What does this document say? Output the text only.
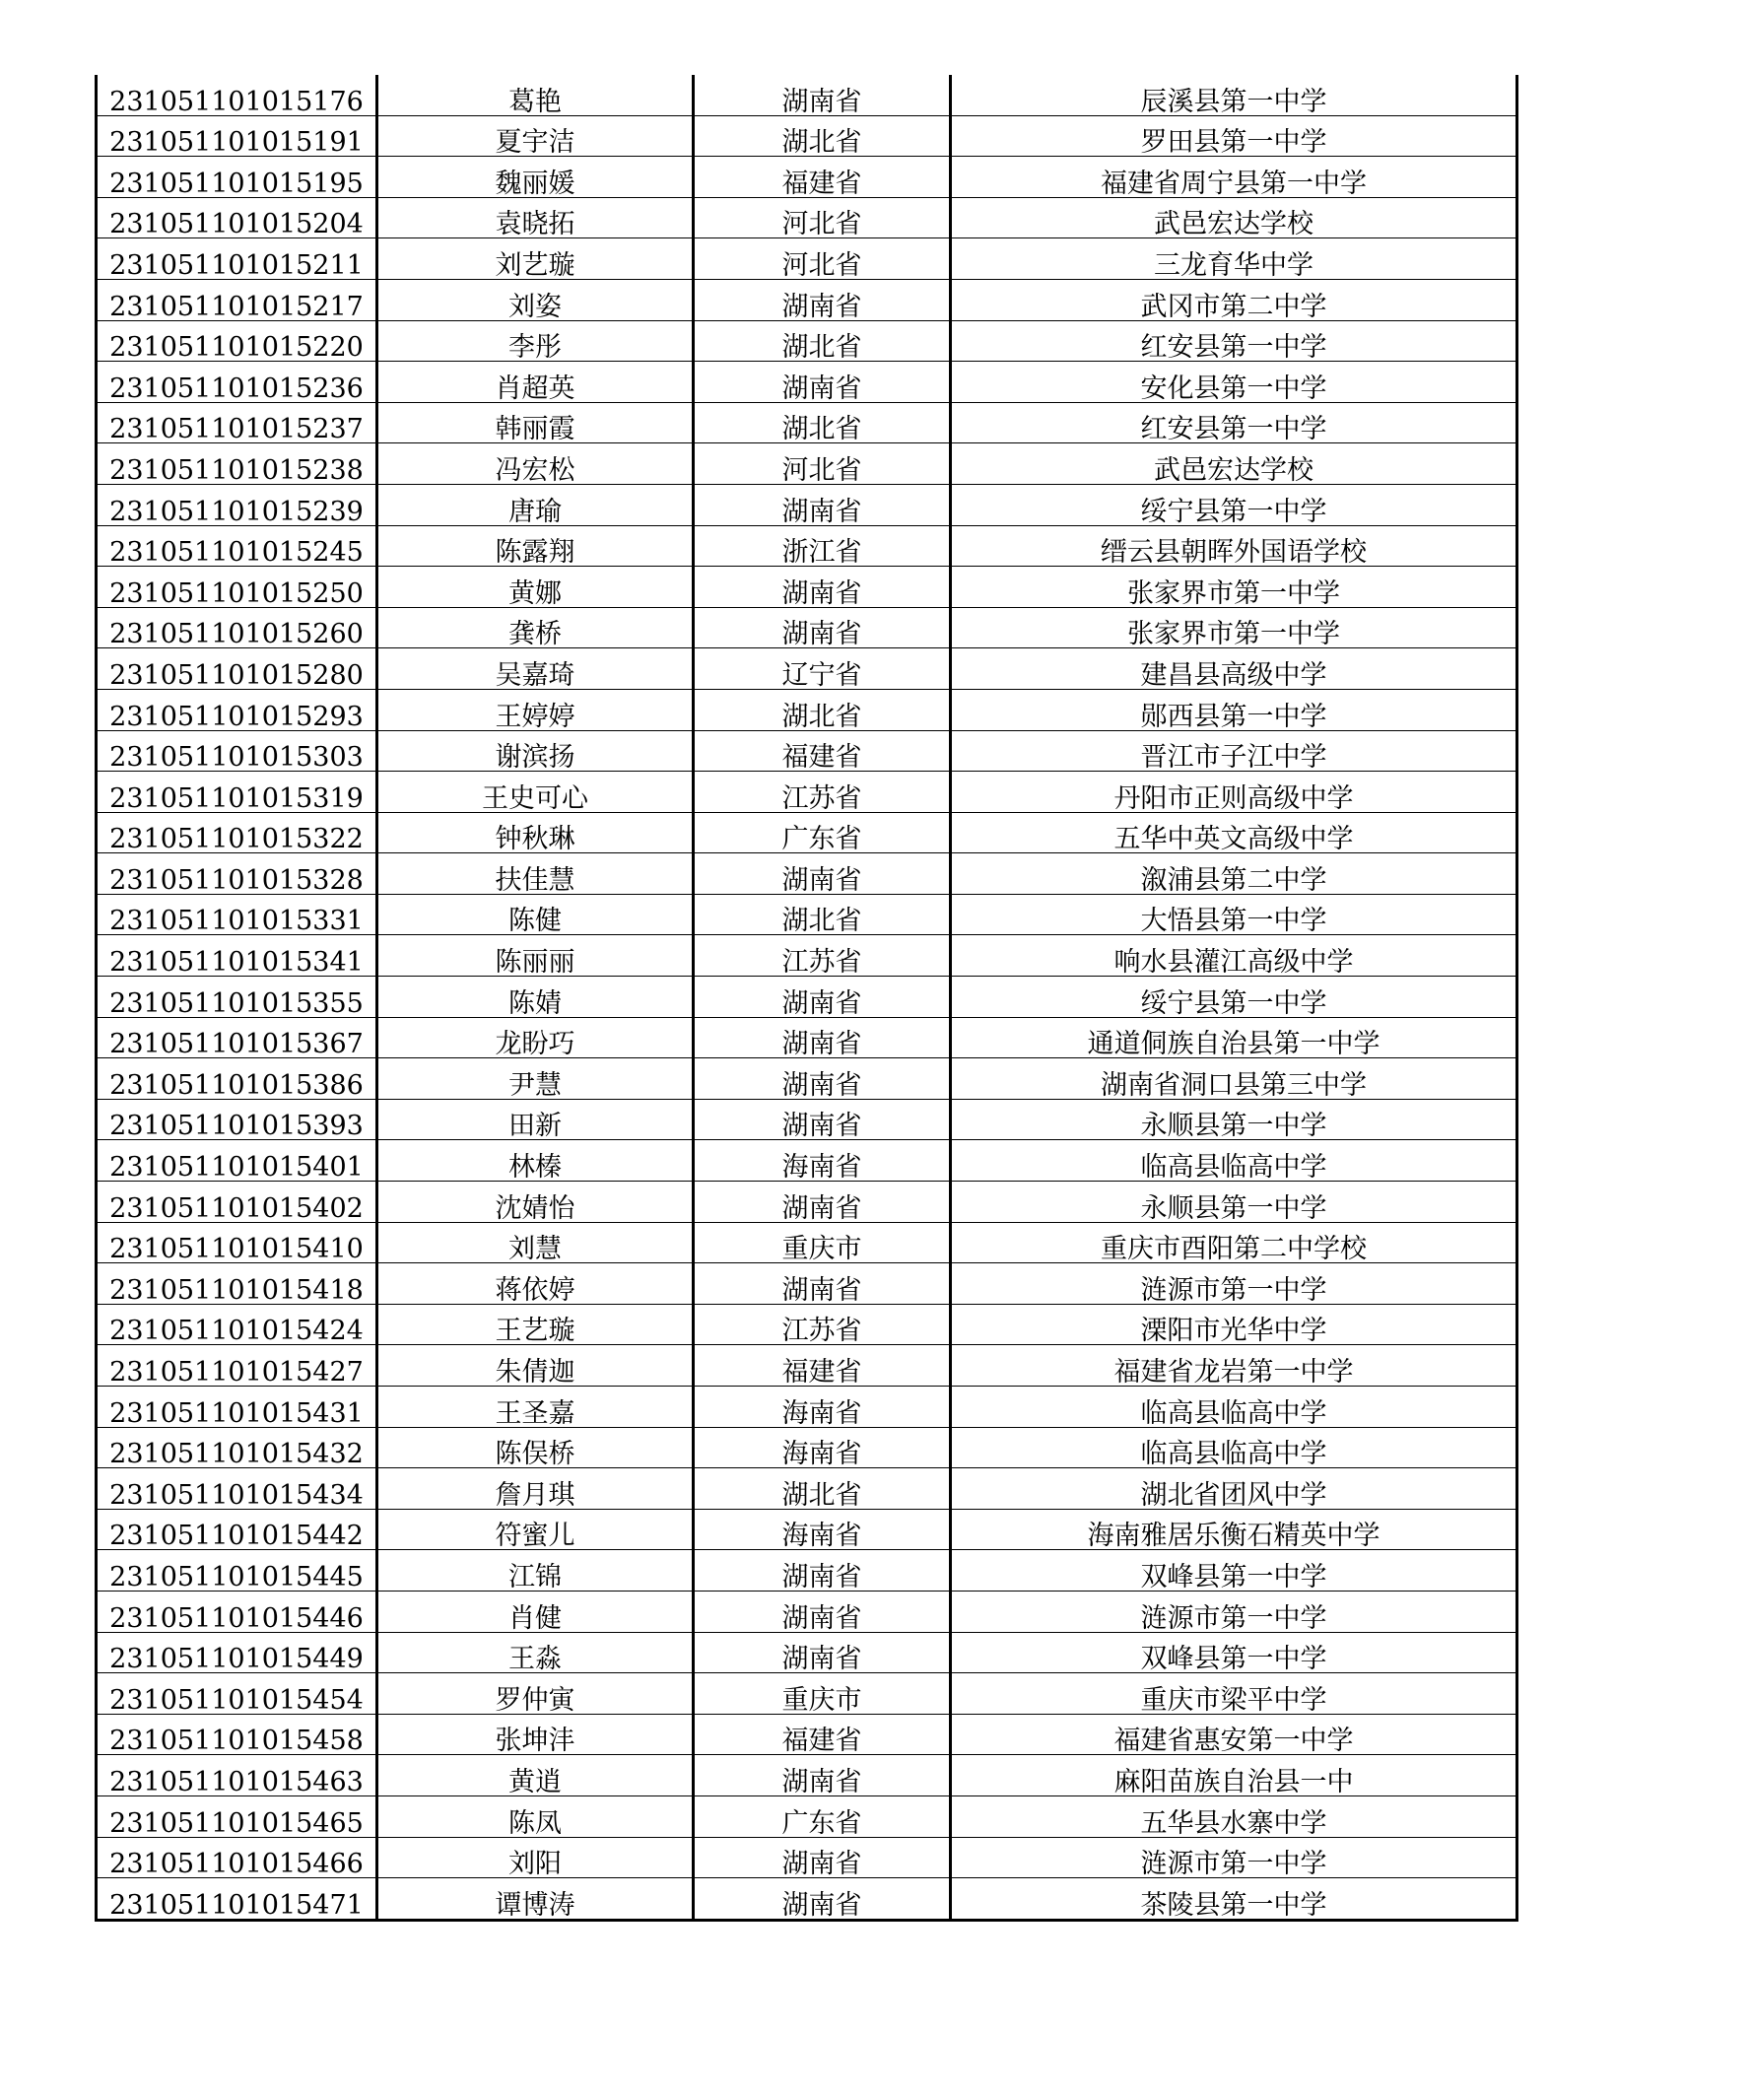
231051101015176	葛艳	湖南省	辰溪县第一中学
231051101015191	夏宇洁	湖北省	罗田县第一中学
231051101015195	魏丽媛	福建省	福建省周宁县第一中学
231051101015204	袁晓拓	河北省	武邑宏达学校
231051101015211	刘艺璇	河北省	三龙育华中学
231051101015217	刘姿	湖南省	武冈市第二中学
231051101015220	李彤	湖北省	红安县第一中学
231051101015236	肖超英	湖南省	安化县第一中学
231051101015237	韩丽霞	湖北省	红安县第一中学
231051101015238	冯宏松	河北省	武邑宏达学校
231051101015239	唐瑜	湖南省	绥宁县第一中学
231051101015245	陈露翔	浙江省	缙云县朝晖外国语学校
231051101015250	黄娜	湖南省	张家界市第一中学
231051101015260	龚桥	湖南省	张家界市第一中学
231051101015280	吴嘉琦	辽宁省	建昌县高级中学
231051101015293	王婷婷	湖北省	郧西县第一中学
231051101015303	谢滨扬	福建省	晋江市子江中学
231051101015319	王史可心	江苏省	丹阳市正则高级中学
231051101015322	钟秋琳	广东省	五华中英文高级中学
231051101015328	扶佳慧	湖南省	溆浦县第二中学
231051101015331	陈健	湖北省	大悟县第一中学
231051101015341	陈丽丽	江苏省	响水县灌江高级中学
231051101015355	陈婧	湖南省	绥宁县第一中学
231051101015367	龙盼巧	湖南省	通道侗族自治县第一中学
231051101015386	尹慧	湖南省	湖南省洞口县第三中学
231051101015393	田新	湖南省	永顺县第一中学
231051101015401	林榛	海南省	临高县临高中学
231051101015402	沈婧怡	湖南省	永顺县第一中学
231051101015410	刘慧	重庆市	重庆市酉阳第二中学校
231051101015418	蒋依婷	湖南省	涟源市第一中学
231051101015424	王艺璇	江苏省	溧阳市光华中学
231051101015427	朱倩迦	福建省	福建省龙岩第一中学
231051101015431	王圣嘉	海南省	临高县临高中学
231051101015432	陈俣桥	海南省	临高县临高中学
231051101015434	詹月琪	湖北省	湖北省团风中学
231051101015442	符蜜儿	海南省	海南雅居乐衡石精英中学
231051101015445	江锦	湖南省	双峰县第一中学
231051101015446	肖健	湖南省	涟源市第一中学
231051101015449	王淼	湖南省	双峰县第一中学
231051101015454	罗仲寅	重庆市	重庆市梁平中学
231051101015458	张坤沣	福建省	福建省惠安第一中学
231051101015463	黄逍	湖南省	麻阳苗族自治县一中
231051101015465	陈凤	广东省	五华县水寨中学
231051101015466	刘阳	湖南省	涟源市第一中学
231051101015471	谭博涛	湖南省	茶陵县第一中学
